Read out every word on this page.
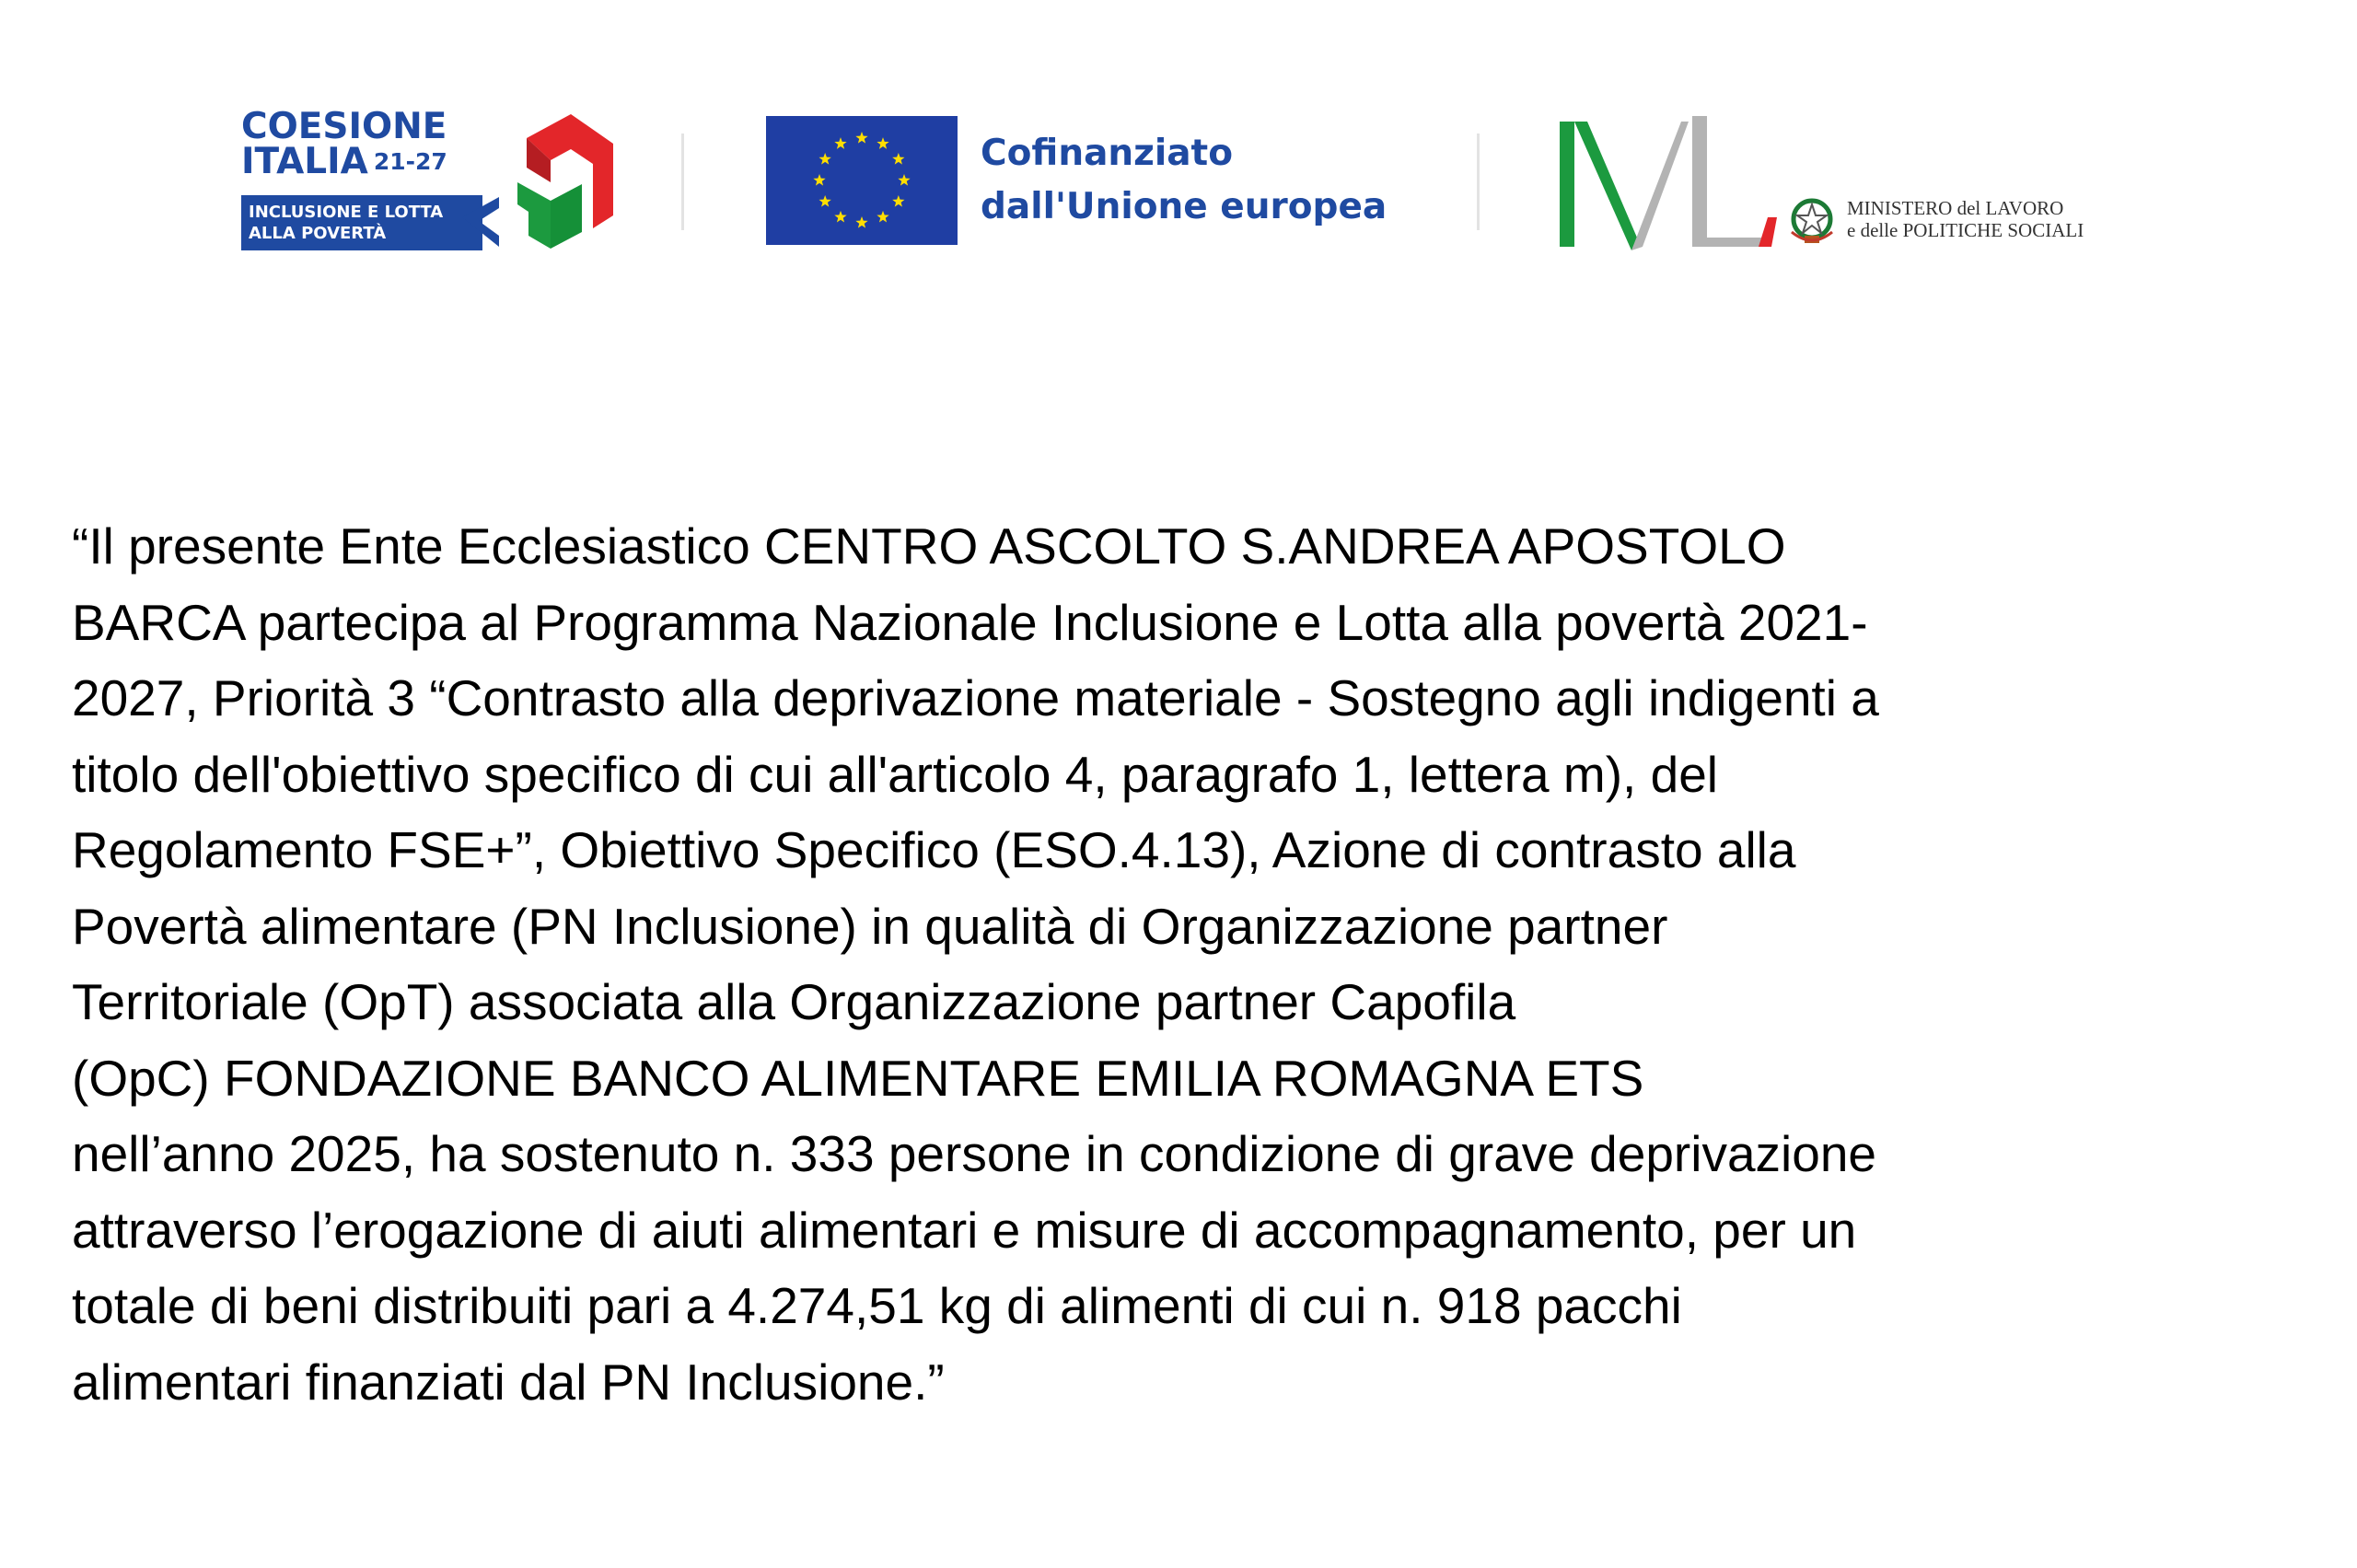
COESIONE
ITALIA 21-27
INCLUSIONE E LOTTA
ALLA POVERTÀ
Cofinanziato
dall'Unione europea	MINISTERO del LAVORO
e delle POLITICHE SOCIALI

“Il presente Ente Ecclesiastico CENTRO ASCOLTO S.ANDREA APOSTOLO
BARCA partecipa al Programma Nazionale Inclusione e Lotta alla povertà 2021-
2027, Priorità 3 “Contrasto alla deprivazione materiale - Sostegno agli indigenti a
titolo dell'obiettivo specifico di cui all'articolo 4, paragrafo 1, lettera m), del
Regolamento FSE+”, Obiettivo Specifico (ESO.4.13), Azione di contrasto alla
Povertà alimentare (PN Inclusione) in qualità di Organizzazione partner
Territoriale (OpT) associata alla Organizzazione partner Capofila
(OpC) FONDAZIONE BANCO ALIMENTARE EMILIA ROMAGNA ETS
nell’anno 2025, ha sostenuto n. 333 persone in condizione di grave deprivazione
attraverso l’erogazione di aiuti alimentari e misure di accompagnamento, per un
totale di beni distribuiti pari a 4.274,51 kg di alimenti di cui n. 918 pacchi
alimentari finanziati dal PN Inclusione.”
